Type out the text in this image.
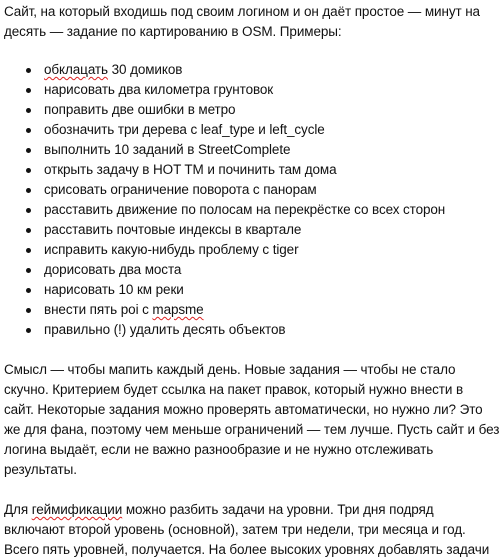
Сайт, на который входишь под своим логином и он даёт простое — минут на
десять — задание по картированию в OSM. Примеры:
обклацать 30 домиков
нарисовать два километра грунтовок
поправить две ошибки в метро
обозначить три дерева с leaf_type и left_cycle
выполнить 10 заданий в StreetComplete
открыть задачу в HOT TM и починить там дома
срисовать ограничение поворота с панорам
расставить движение по полосам на перекрёстке со всех сторон
расставить почтовые индексы в квартале
исправить какую-нибудь проблему с tiger
дорисовать два моста
нарисовать 10 км реки
внести пять poi с mapsme
правильно (!) удалить десять объектов
Смысл — чтобы мапить каждый день. Новые задания — чтобы не стало
скучно. Критерием будет ссылка на пакет правок, который нужно внести в
сайт. Некоторые задания можно проверять автоматически, но нужно ли? Это
же для фана, поэтому чем меньше ограничений — тем лучше. Пусть сайт и без
логина выдаёт, если не важно разнообразие и не нужно отслеживать
результаты.
Для геймификации можно разбить задачи на уровни. Три дня подряд
включают второй уровень (основной), затем три недели, три месяца и год.
Всего пять уровней, получается. На более высоких уровнях добавлять задачи
